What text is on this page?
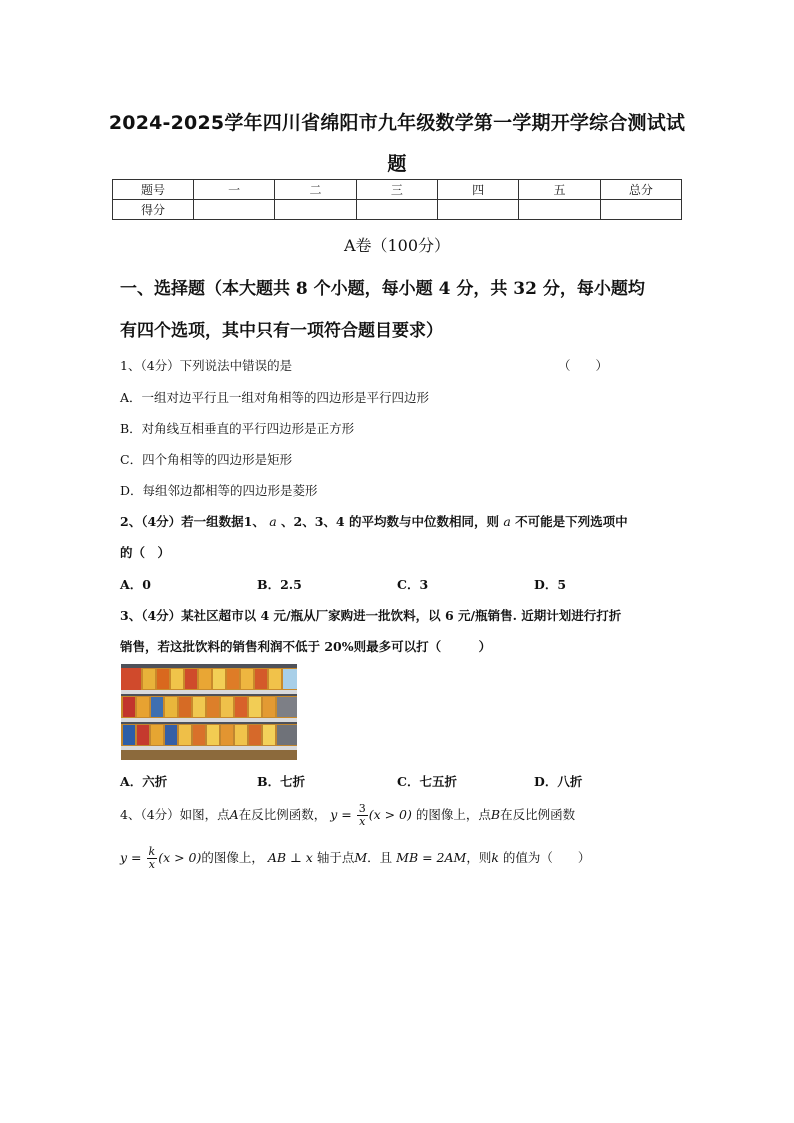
2024-2025学年四川省绵阳市九年级数学第一学期开学综合测试试
题
题号	一	二	三	四	五	总分
得分						
A卷（100分）
一、选择题（本大题共 8 个小题，每小题 4 分，共 32 分，每小题均
有四个选项，其中只有一项符合题目要求）
1、（4分）下列说法中错误的是	（　　）
A．一组对边平行且一组对角相等的四边形是平行四边形
B．对角线互相垂直的平行四边形是正方形
C．四个角相等的四边形是矩形
D．每组邻边都相等的四边形是菱形
2、（4分）若一组数据1、 a 、2、3、4 的平均数与中位数相同，则 a 不可能是下列选项中
的（　）
A．0	B．2.5	C．3	D．5
3、（4分）某社区超市以 4 元/瓶从厂家购进一批饮料，以 6 元/瓶销售. 近期计划进行打折
销售，若这批饮料的销售利润不低于 20%则最多可以打（　　　）
A．六折	B．七折	C．七五折	D．八折
4、（4分）如图，点A在反比例函数， $y = \frac{3}{x} (x > 0)$ 的图像上，点B在反比例函数
$y = \frac{k}{x} (x > 0)$的图像上， AB ⊥ x 轴于点M．且 MB = 2AM，则k 的值为（　　）
